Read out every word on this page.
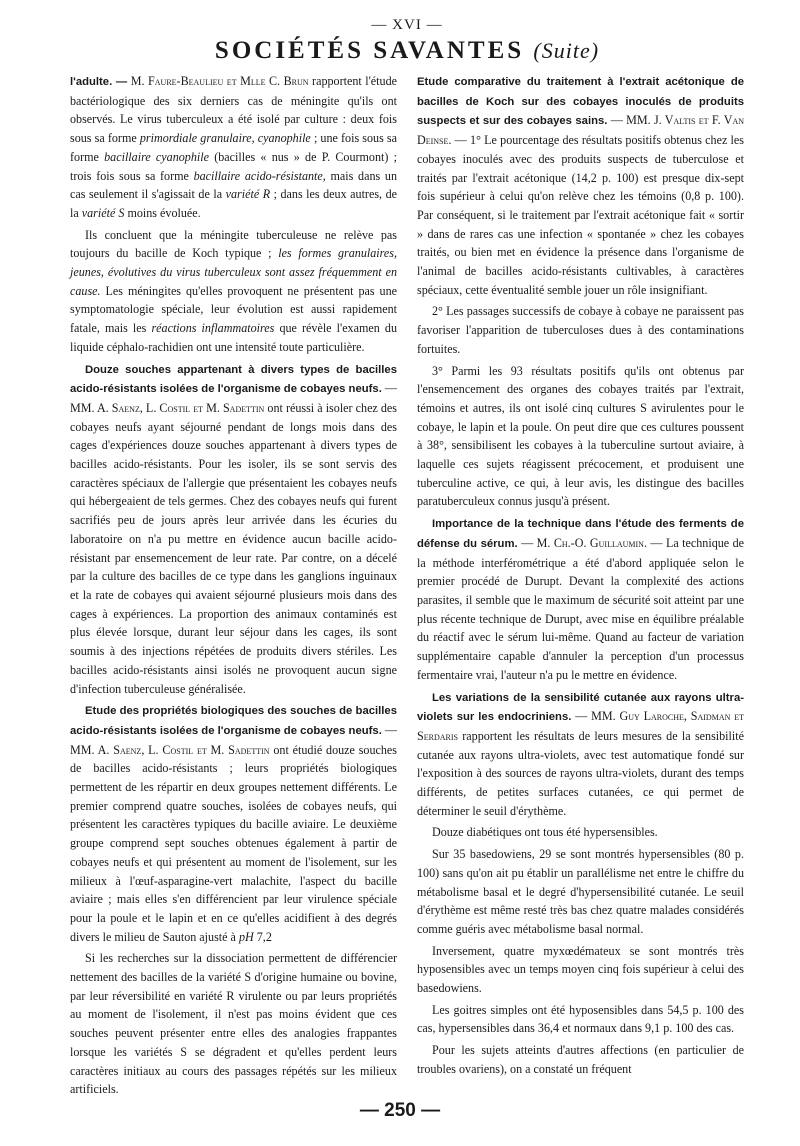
— XVI —
SOCIÉTÉS SAVANTES (Suite)

l'adulte. — M. Faure-Beaulieu et Mlle C. Brun rapportent l'étude bactériologique des six derniers cas de méningite qu'ils ont observés. Le virus tuberculeux a été isolé par culture : deux fois sous sa forme primordiale granulaire, cyanophile ; une fois sous sa forme bacillaire cyanophile (bacilles « nus » de P. Courmont) ; trois fois sous sa forme bacillaire acido-résistante, mais dans un cas seulement il s'agissait de la variété R ; dans les deux autres, de la variété S moins évoluée.

Ils concluent que la méningite tuberculeuse ne relève pas toujours du bacille de Koch typique ; les formes granulaires, jeunes, évolutives du virus tuberculeux sont assez fréquemment en cause. Les méningites qu'elles provoquent ne présentent pas une symptomatologie spéciale, leur évolution est aussi rapidement fatale, mais les réactions inflammatoires que révèle l'examen du liquide céphalo-rachidien ont une intensité toute particulière.

Douze souches appartenant à divers types de bacilles acido-résistants isolées de l'organisme de cobayes neufs. — MM. A. Saenz, L. Costil et M. Sadettin ont réussi à isoler chez des cobayes neufs ayant séjourné pendant de longs mois dans des cages d'expériences douze souches appartenant à divers types de bacilles acido-résistants. Pour les isoler, ils se sont servis des caractères spéciaux de l'allergie que présentaient les cobayes neufs qui hébergeaient de tels germes. Chez des cobayes neufs qui furent sacrifiés peu de jours après leur arrivée dans les écuries du laboratoire on n'a pu mettre en évidence aucun bacille acido-résistant par ensemencement de leur rate. Par contre, on a décelé par la culture des bacilles de ce type dans les ganglions inguinaux et la rate de cobayes qui avaient séjourné plusieurs mois dans des cages à expériences. La proportion des animaux contaminés est plus élevée lorsque, durant leur séjour dans les cages, ils sont soumis à des injections répétées de produits divers stériles. Les bacilles acido-résistants ainsi isolés ne provoquent aucun signe d'infection tuberculeuse généralisée.

Etude des propriétés biologiques des souches de bacilles acido-résistants isolées de l'organisme de cobayes neufs. — MM. A. Saenz, L. Costil et M. Sadettin ont étudié douze souches de bacilles acido-résistants ; leurs propriétés biologiques permettent de les répartir en deux groupes nettement différents. Le premier comprend quatre souches, isolées de cobayes neufs, qui présentent les caractères typiques du bacille aviaire. Le deuxième groupe comprend sept souches obtenues également à partir de cobayes neufs et qui présentent au moment de l'isolement, sur les milieux à l'œuf-asparagine-vert malachite, l'aspect du bacille aviaire ; mais elles s'en différencient par leur virulence spéciale pour la poule et le lapin et en ce qu'elles acidifient à des degrés divers le milieu de Sauton ajusté à pH 7,2

Si les recherches sur la dissociation permettent de différencier nettement des bacilles de la variété S d'origine humaine ou bovine, par leur réversibilité en variété R virulente ou par leurs propriétés au moment de l'isolement, il n'est pas moins évident que ces souches peuvent présenter entre elles des analogies frappantes lorsque les variétés S se dégradent et qu'elles perdent leurs caractères initiaux au cours des passages répétés sur les milieux artificiels.

Etude comparative du traitement à l'extrait acétonique de bacilles de Koch sur des cobayes inoculés de produits suspects et sur des cobayes sains. — MM. J. Valtis et F. Van Deinse. — 1° Le pourcentage des résultats positifs obtenus chez les cobayes inoculés avec des produits suspects de tuberculose et traités par l'extrait acétonique (14,2 p. 100) est presque dix-sept fois supérieur à celui qu'on relève chez les témoins (0,8 p. 100). Par conséquent, si le traitement par l'extrait acétonique fait « sortir » dans de rares cas une infection « spontanée » chez les cobayes traités, ou bien met en évidence la présence dans l'organisme de l'animal de bacilles acido-résistants cultivables, à caractères spéciaux, cette éventualité semble jouer un rôle insignifiant.

2° Les passages successifs de cobaye à cobaye ne paraissent pas favoriser l'apparition de tuberculoses dues à des contaminations fortuites.

3° Parmi les 93 résultats positifs qu'ils ont obtenus par l'ensemencement des organes des cobayes traités par l'extrait, témoins et autres, ils ont isolé cinq cultures S avirulentes pour le cobaye, le lapin et la poule. On peut dire que ces cultures poussent à 38°, sensibilisent les cobayes à la tuberculine surtout aviaire, à laquelle ces sujets réagissent précocement, et produisent une tuberculine active, ce qui, à leur avis, les distingue des bacilles paratuberculeux connus jusqu'à présent.

Importance de la technique dans l'étude des ferments de défense du sérum. — M. Ch.-O. Guillaumin. — La technique de la méthode interférométrique a été d'abord appliquée selon le premier procédé de Durupt. Devant la complexité des actions parasites, il semble que le maximum de sécurité soit atteint par une plus récente technique de Durupt, avec mise en équilibre préalable du réactif avec le sérum lui-même. Quand au facteur de variation supplémentaire capable d'annuler la perception d'un processus fermentaire vrai, l'auteur n'a pu le mettre en évidence.

Les variations de la sensibilité cutanée aux rayons ultra-violets sur les endocriniens. — MM. Guy Laroche, Saidman et Serdaris rapportent les résultats de leurs mesures de la sensibilité cutanée aux rayons ultra-violets, avec test automatique fondé sur l'exposition à des sources de rayons ultra-violets, durant des temps différents, de petites surfaces cutanées, ce qui permet de déterminer le seuil d'érythème.

Douze diabétiques ont tous été hypersensibles.

Sur 35 basedowiens, 29 se sont montrés hypersensibles (80 p. 100) sans qu'on ait pu établir un parallélisme net entre le chiffre du métabolisme basal et le degré d'hypersensibilité cutanée. Le seuil d'érythème est même resté très bas chez quatre malades considérés comme guéris avec métabolisme basal normal.

Inversement, quatre myxœdémateux se sont montrés très hyposensibles avec un temps moyen cinq fois supérieur à celui des basedowiens.

Les goitres simples ont été hyposensibles dans 54,5 p. 100 des cas, hypersensibles dans 36,4 et normaux dans 9,1 p. 100 des cas.

Pour les sujets atteints d'autres affections (en particulier de troubles ovariens), on a constaté un fréquent

— 250 —
